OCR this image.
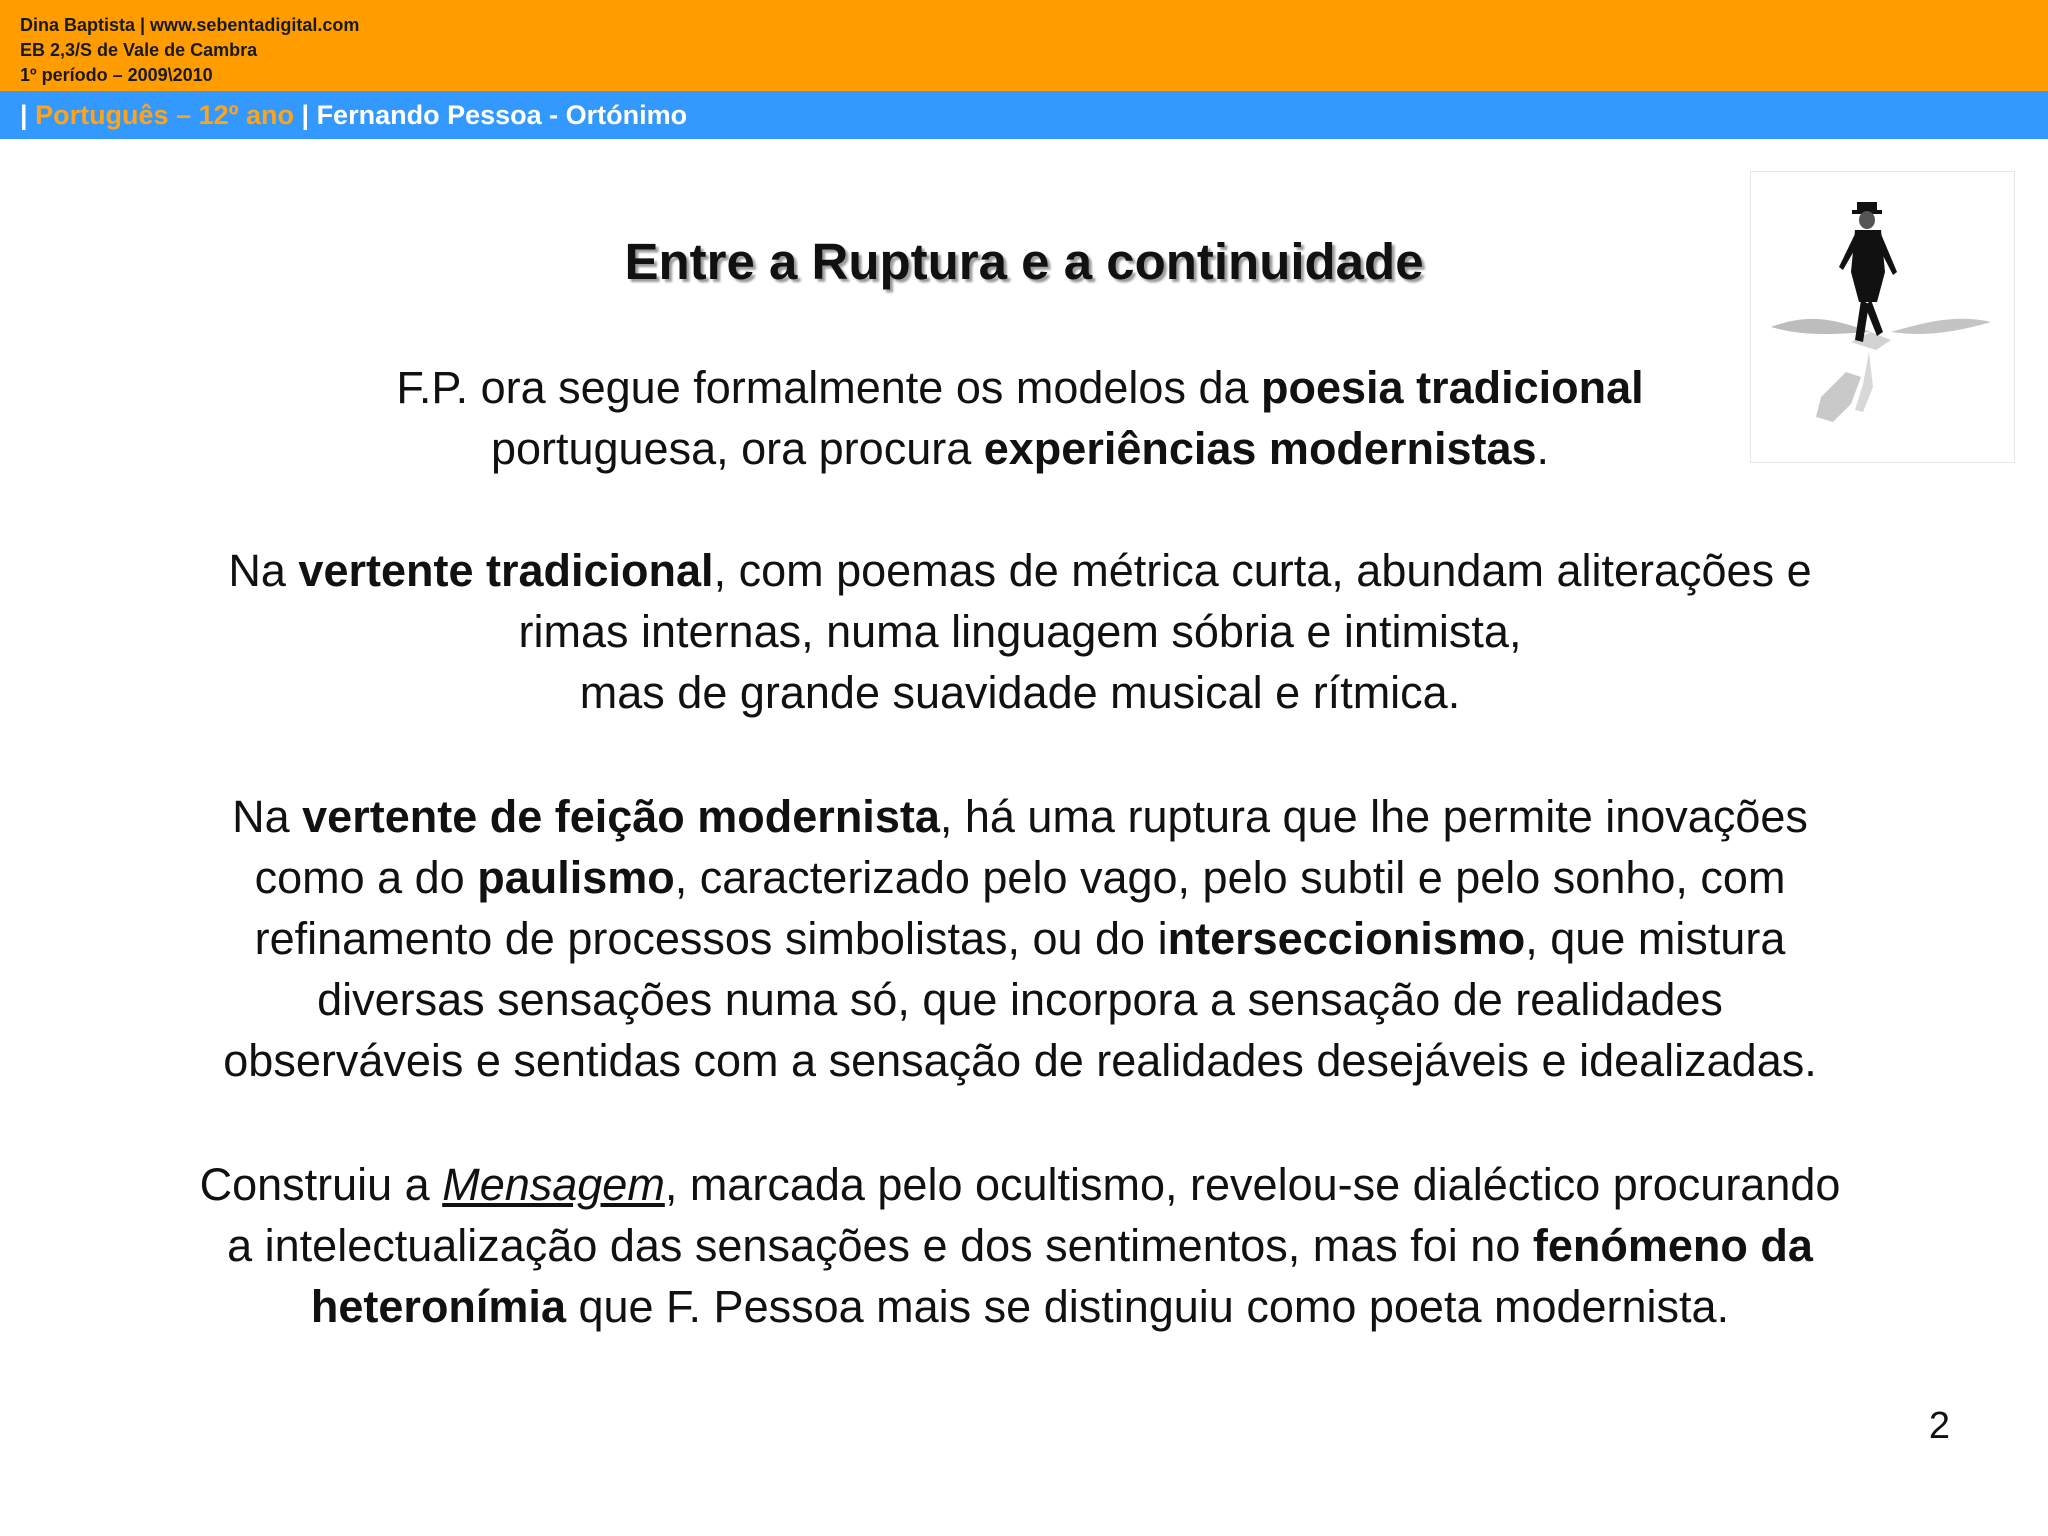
Dina Baptista | www.sebentadigital.com
EB 2,3/S de Vale de Cambra
1º período – 2009\2010
| Português – 12º ano | Fernando Pessoa - Ortónimo
Entre a Ruptura e a continuidade
F.P. ora segue formalmente os modelos da poesia tradicional
portuguesa, ora procura experiências modernistas.
Na vertente tradicional, com poemas de métrica curta, abundam aliterações e
rimas internas, numa linguagem sóbria e intimista,
mas de grande suavidade musical e rítmica.
Na vertente de feição modernista, há uma ruptura que lhe permite inovações
como a do paulismo, caracterizado pelo vago, pelo subtil e pelo sonho, com
refinamento de processos simbolistas, ou do interseccionismo, que mistura
diversas sensações numa só, que incorpora a sensação de realidades
observáveis e sentidas com a sensação de realidades desejáveis e idealizadas.
Construiu a Mensagem, marcada pelo ocultismo, revelou-se dialéctico procurando
a intelectualização das sensações e dos sentimentos, mas foi no fenómeno da
heteronímia que F. Pessoa mais se distinguiu como poeta modernista.
2
